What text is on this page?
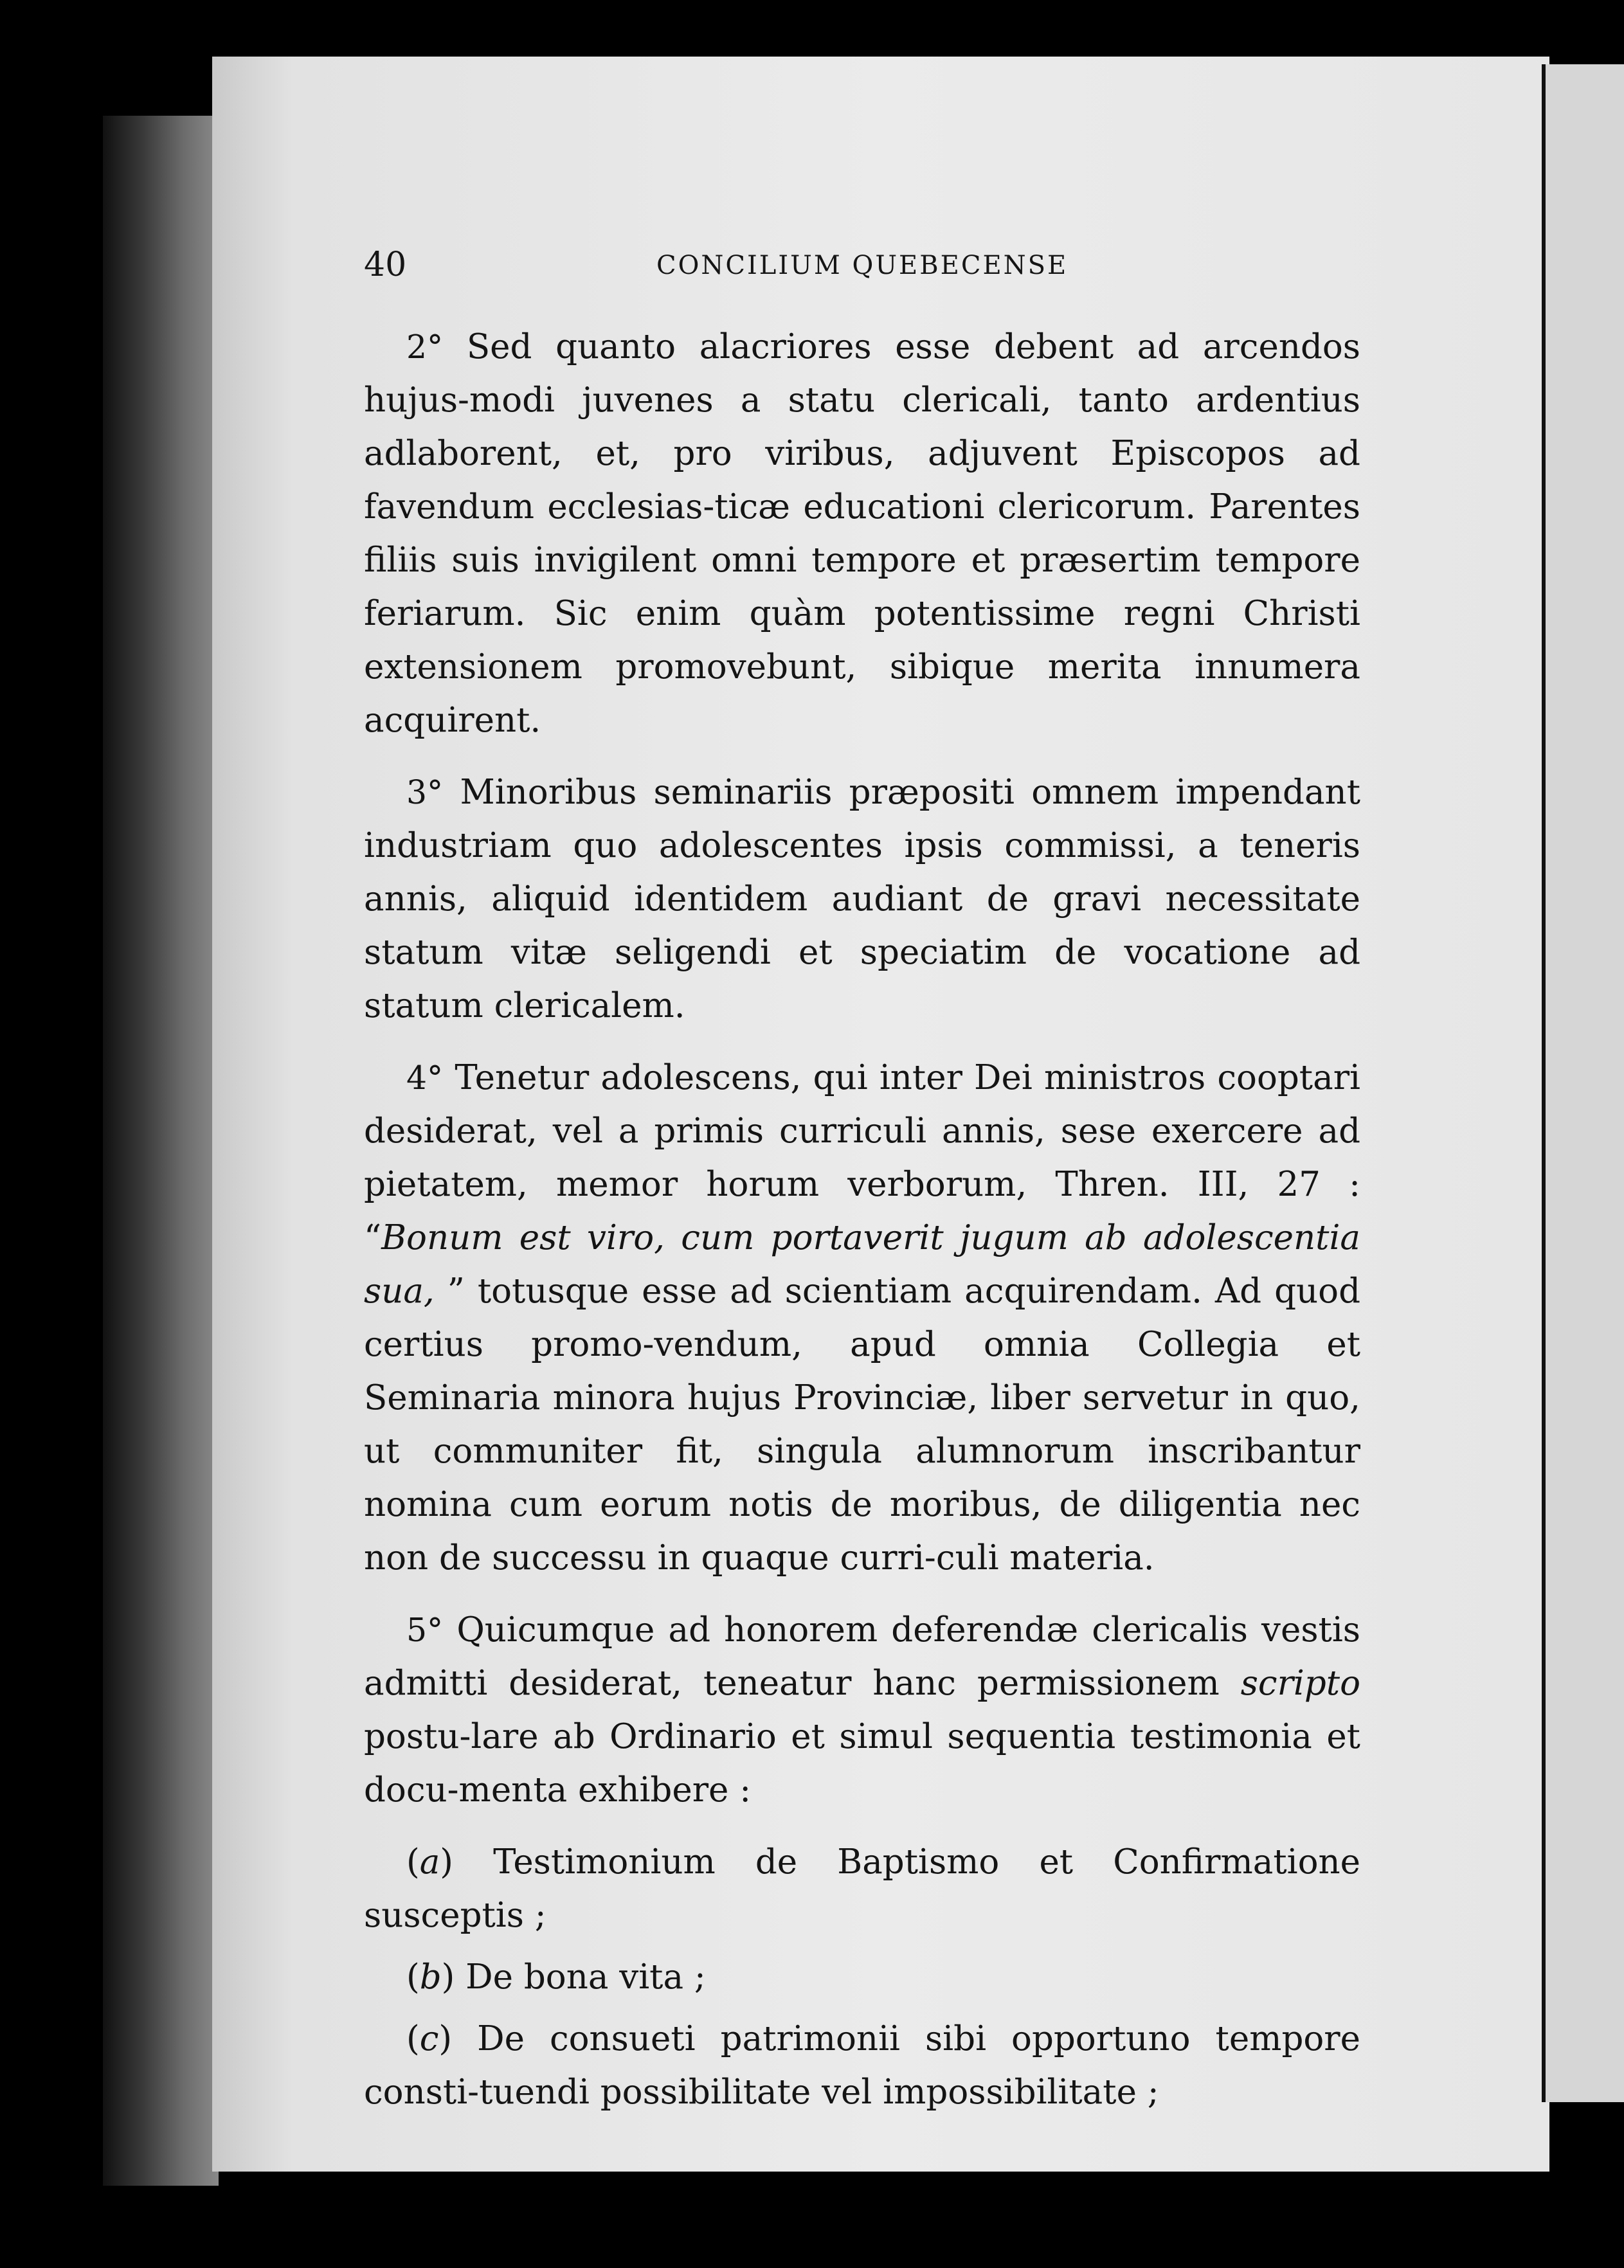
40	CONCILIUM QUEBECENSE

2° Sed quanto alacriores esse debent ad arcendos hujus-modi juvenes a statu clericali, tanto ardentius adlaborent, et, pro viribus, adjuvent Episcopos ad favendum ecclesias-ticæ educationi clericorum. Parentes filiis suis invigilent omni tempore et præsertim tempore feriarum. Sic enim quàm potentissime regni Christi extensionem promovebunt, sibique merita innumera acquirent.

3° Minoribus seminariis præpositi omnem impendant industriam quo adolescentes ipsis commissi, a teneris annis, aliquid identidem audiant de gravi necessitate statum vitæ seligendi et speciatim de vocatione ad statum clericalem.

4° Tenetur adolescens, qui inter Dei ministros cooptari desiderat, vel a primis curriculi annis, sese exercere ad pietatem, memor horum verborum, Thren. III, 27 : “Bonum est viro, cum portaverit jugum ab adolescentia sua, ” totusque esse ad scientiam acquirendam. Ad quod certius promo-vendum, apud omnia Collegia et Seminaria minora hujus Provinciæ, liber servetur in quo, ut communiter fit, singula alumnorum inscribantur nomina cum eorum notis de moribus, de diligentia nec non de successu in quaque curri-culi materia.

5° Quicumque ad honorem deferendæ clericalis vestis admitti desiderat, teneatur hanc permissionem scripto postu-lare ab Ordinario et simul sequentia testimonia et docu-menta exhibere :

(a) Testimonium de Baptismo et Confirmatione susceptis ;

(b) De bona vita ;

(c) De consueti patrimonii sibi opportuno tempore consti-tuendi possibilitate vel impossibilitate ;
